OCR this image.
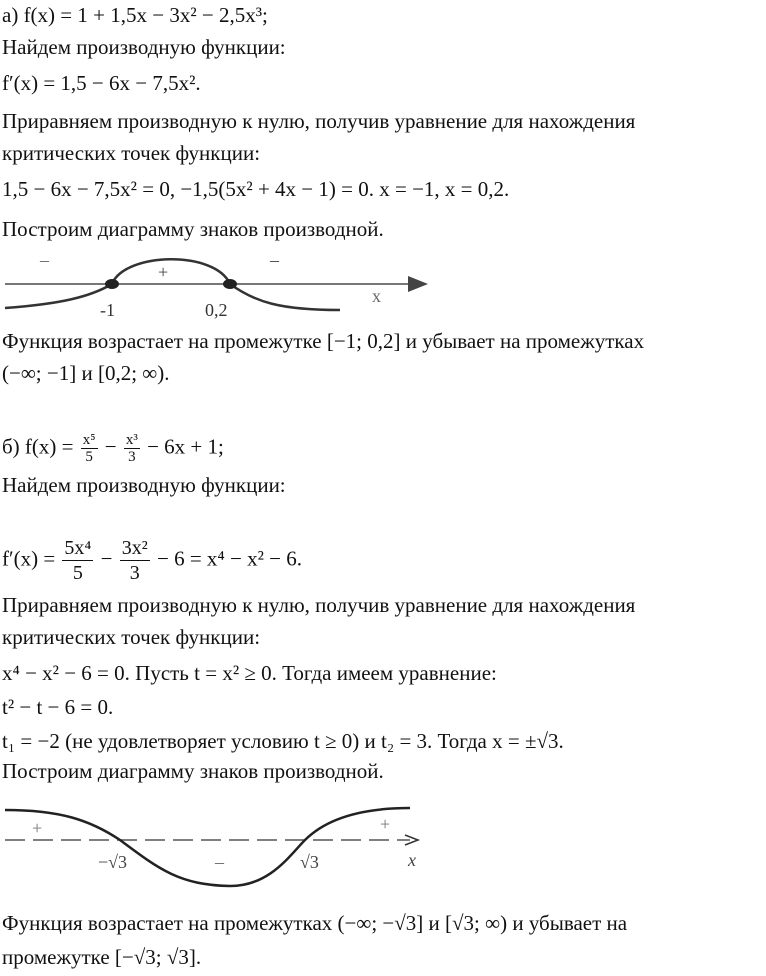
а) f(x) = 1 + 1,5x − 3x² − 2,5x³;
Найдем производную функции:
f′(x) = 1,5 − 6x − 7,5x².
Приравняем производную к нулю, получив уравнение для нахождения
критических точек функции:
1,5 − 6x − 7,5x² = 0, −1,5(5x² + 4x − 1) = 0. x = −1, x = 0,2.
Построим диаграмму знаков производной.
–
+
–
-1	0,2
x
Функция возрастает на промежутке [−1; 0,2] и убывает на промежутках
(−∞; −1] и [0,2; ∞).
б) $f(x) = \frac{\text{x⁵}}{5} - \frac{\text{x³}}{3} - 6x + 1$;
Найдем производную функции:
$f'(x) = \frac{\text{5x⁴}}{5} - \frac{\text{3x²}}{3} - 6 = x^4 - x^2 - 6$.
Приравняем производную к нулю, получив уравнение для нахождения
критических точек функции:
x⁴ − x² − 6 = 0. Пусть t = x² ≥ 0. Тогда имеем уравнение:
t² − t − 6 = 0.
t₁ = −2 (не удовлетворяет условию t ≥ 0) и t₂ = 3. Тогда x = ±√3.
Построим диаграмму знаков производной.
+
–
+
−√3	√3	x
Функция возрастает на промежутках (−∞; −√3] и [√3; ∞) и убывает на
промежутке [−√3; √3].
